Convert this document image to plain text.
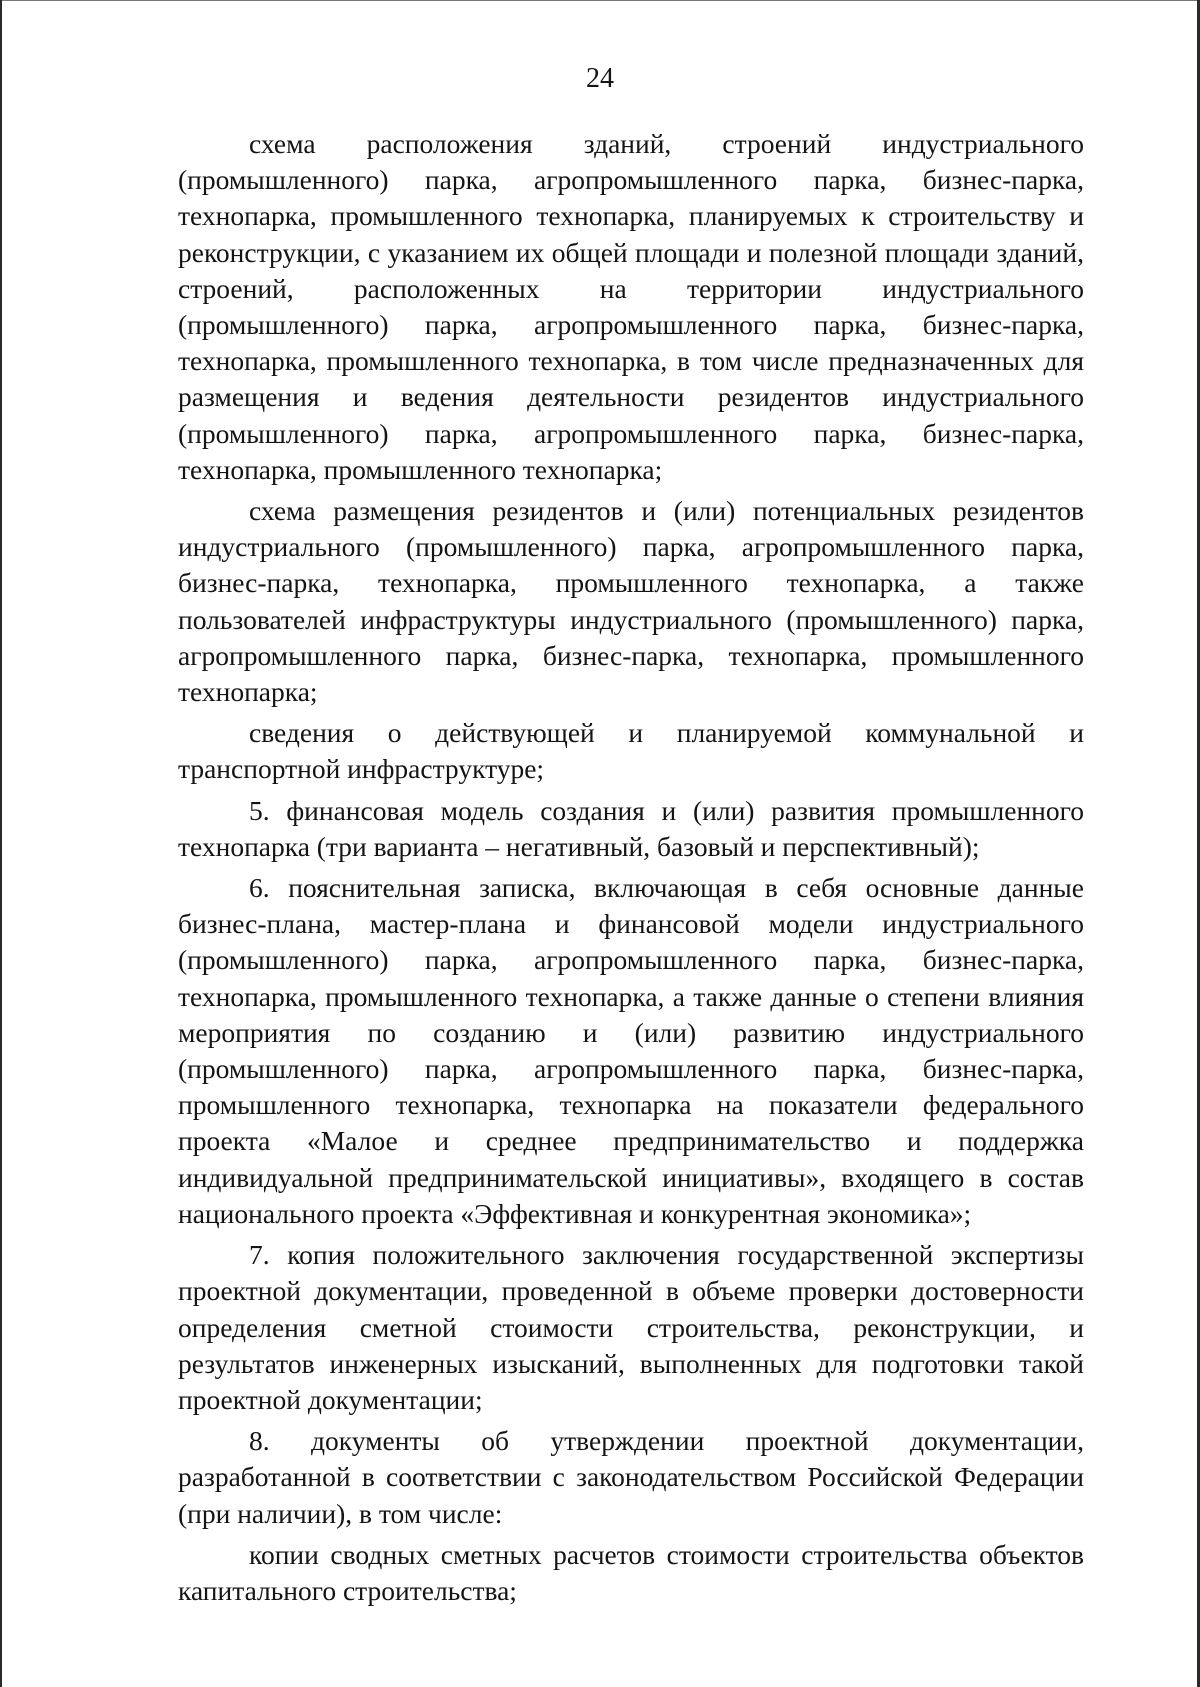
24

схема расположения зданий, строений индустриального (промышленного) парка, агропромышленного парка, бизнес-парка, технопарка, промышленного технопарка, планируемых к строительству и реконструкции, с указанием их общей площади и полезной площади зданий, строений, расположенных на территории индустриального (промышленного) парка, агропромышленного парка, бизнес-парка, технопарка, промышленного технопарка, в том числе предназначенных для размещения и ведения деятельности резидентов индустриального (промышленного) парка, агропромышленного парка, бизнес-парка, технопарка, промышленного технопарка;

схема размещения резидентов и (или) потенциальных резидентов индустриального (промышленного) парка, агропромышленного парка, бизнес-парка, технопарка, промышленного технопарка, а также пользователей инфраструктуры индустриального (промышленного) парка, агропромышленного парка, бизнес-парка, технопарка, промышленного технопарка;

сведения о действующей и планируемой коммунальной и транспортной инфраструктуре;

5. финансовая модель создания и (или) развития промышленного технопарка (три варианта – негативный, базовый и перспективный);

6. пояснительная записка, включающая в себя основные данные бизнес-плана, мастер-плана и финансовой модели индустриального (промышленного) парка, агропромышленного парка, бизнес-парка, технопарка, промышленного технопарка, а также данные о степени влияния мероприятия по созданию и (или) развитию индустриального (промышленного) парка, агропромышленного парка, бизнес-парка, промышленного технопарка, технопарка на показатели федерального проекта «Малое и среднее предпринимательство и поддержка индивидуальной предпринимательской инициативы», входящего в состав национального проекта «Эффективная и конкурентная экономика»;

7. копия положительного заключения государственной экспертизы проектной документации, проведенной в объеме проверки достоверности определения сметной стоимости строительства, реконструкции, и результатов инженерных изысканий, выполненных для подготовки такой проектной документации;

8. документы об утверждении проектной документации, разработанной в соответствии с законодательством Российской Федерации (при наличии), в том числе:

копии сводных сметных расчетов стоимости строительства объектов капитального строительства;
